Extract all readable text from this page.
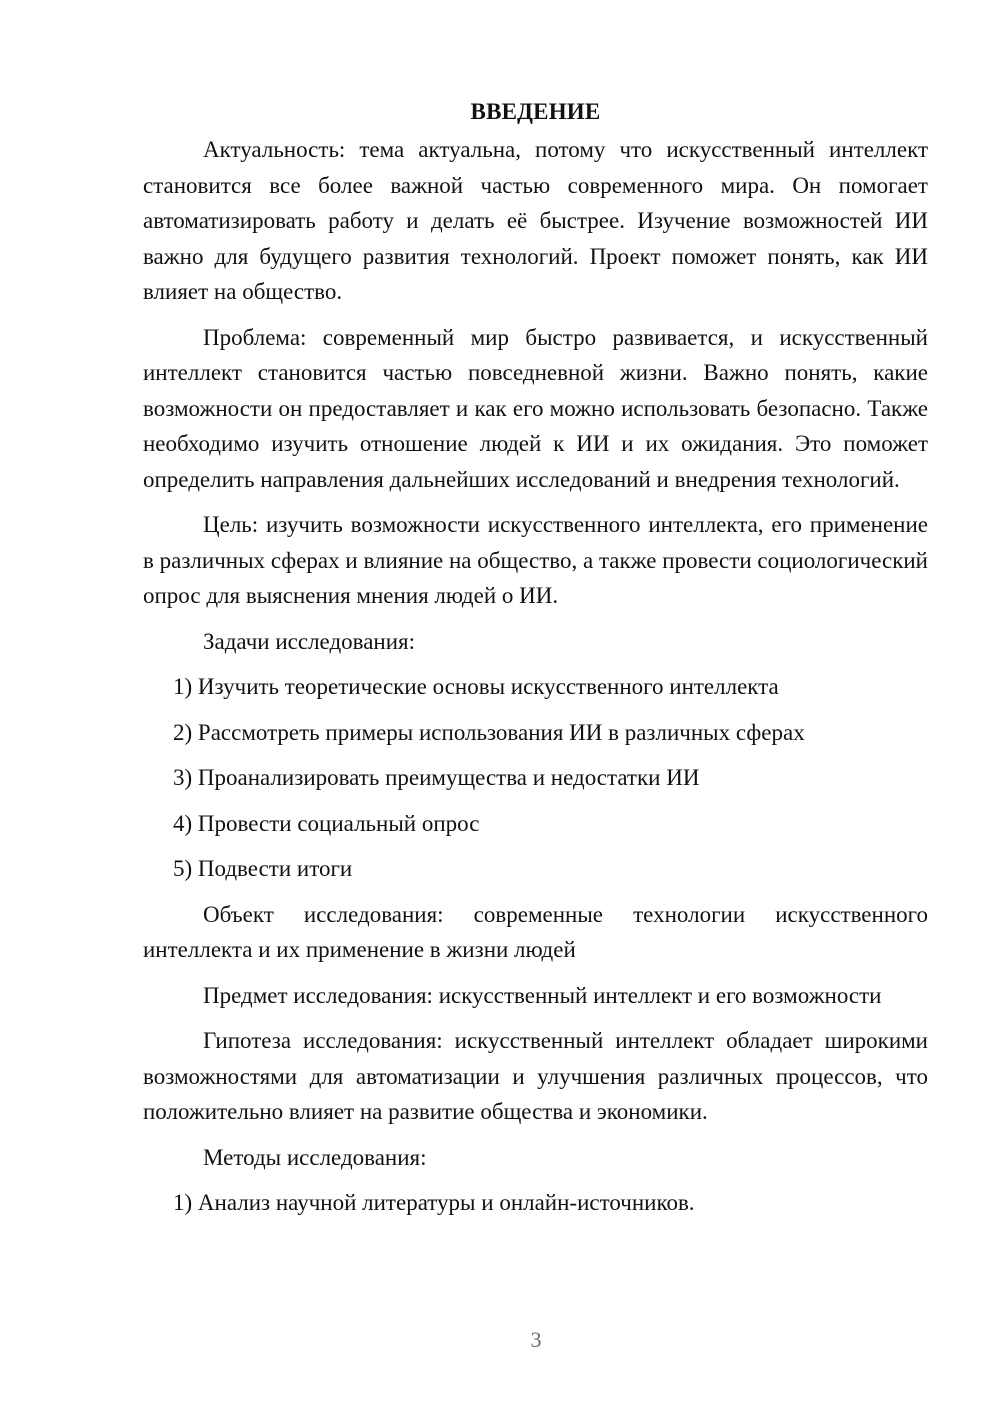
ВВЕДЕНИЕ

Актуальность: тема актуальна, потому что искусственный интеллект становится все более важной частью современного мира. Он помогает автоматизировать работу и делать её быстрее. Изучение возможностей ИИ важно для будущего развития технологий. Проект поможет понять, как ИИ влияет на общество.

Проблема: современный мир быстро развивается, и искусственный интеллект становится частью повседневной жизни. Важно понять, какие возможности он предоставляет и как его можно использовать безопасно. Также необходимо изучить отношение людей к ИИ и их ожидания. Это поможет определить направления дальнейших исследований и внедрения технологий.

Цель: изучить возможности искусственного интеллекта, его применение в различных сферах и влияние на общество, а также провести социологический опрос для выяснения мнения людей о ИИ.

Задачи исследования:

1) Изучить теоретические основы искусственного интеллекта
2) Рассмотреть примеры использования ИИ в различных сферах
3) Проанализировать преимущества и недостатки ИИ
4) Провести социальный опрос
5) Подвести итоги

Объект исследования: современные технологии искусственного интеллекта и их применение в жизни людей

Предмет исследования: искусственный интеллект и его возможности

Гипотеза исследования: искусственный интеллект обладает широкими возможностями для автоматизации и улучшения различных процессов, что положительно влияет на развитие общества и экономики.

Методы исследования:

1) Анализ научной литературы и онлайн-источников.
3
